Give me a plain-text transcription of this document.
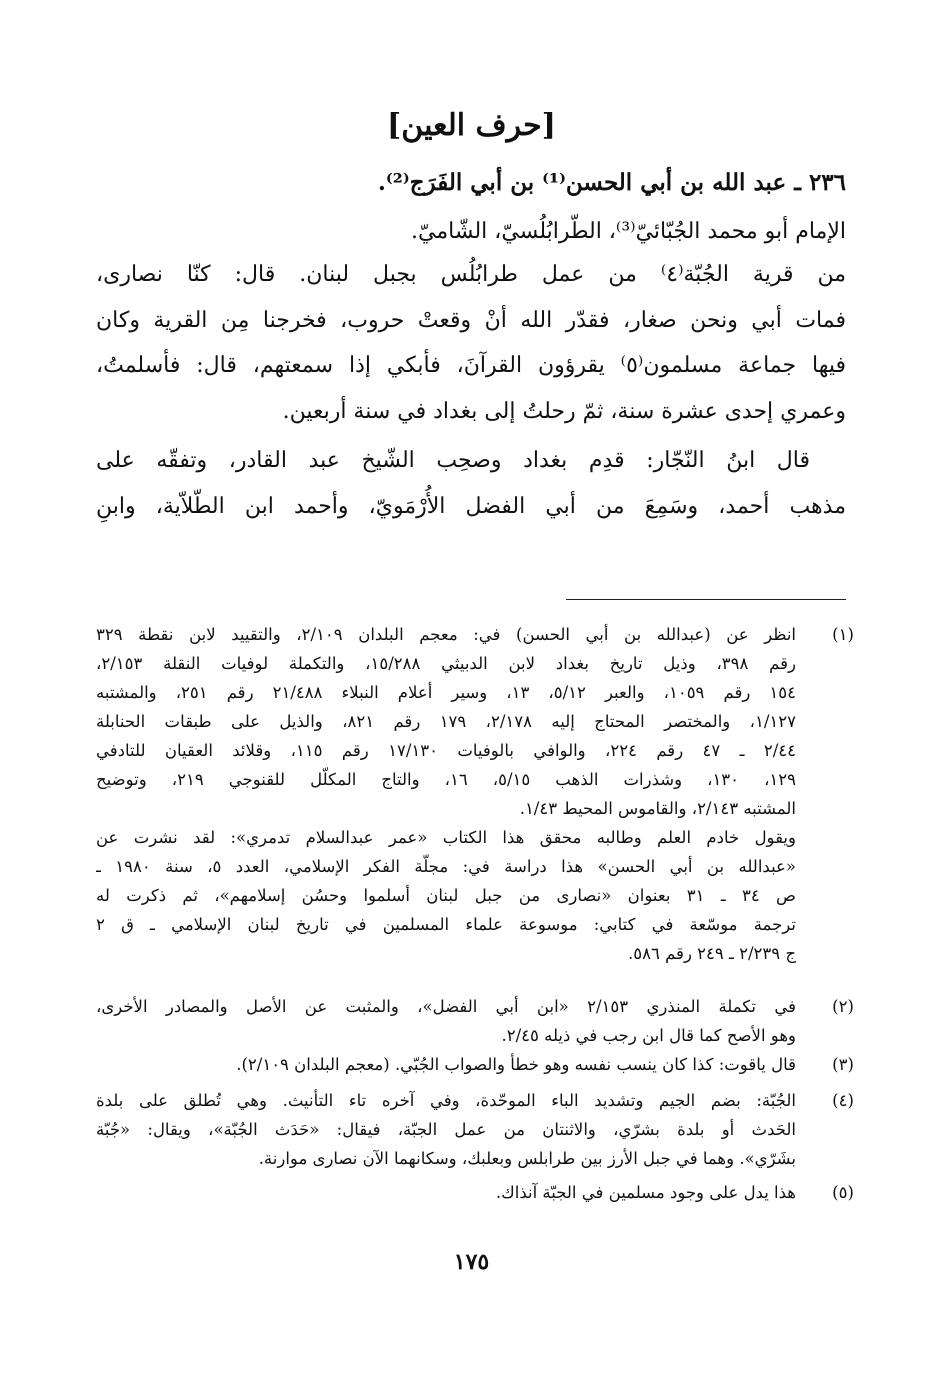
[حرف العين]
٢٣٦ ـ عبد الله بن أبي الحسن⁽¹⁾ بن أبي الفَرَج⁽²⁾.
الإمام أبو محمد الجُبّائيّ⁽³⁾، الطّرابُلُسيّ، الشّاميّ.
من قرية الجُبّة⁽٤⁾ من عمل طرابُلُس بجبل لبنان. قال: كنّا نصارى،
فمات أبي ونحن صغار، فقدّر الله أنْ وقعتْ حروب، فخرجنا مِن القرية وكان
فيها جماعة مسلمون⁽٥⁾ يقرؤون القرآنَ، فأبكي إذا سمعتهم، قال: فأسلمتُ،
وعمري إحدى عشرة سنة، ثمّ رحلتُ إلى بغداد في سنة أربعين.
قال ابنُ النّجّار: قدِم بغداد وصحِب الشّيخ عبد القادر، وتفقّه على
مذهب أحمد، وسَمِعَ من أبي الفضل الأُرْمَويّ، وأحمد ابن الطّلاّية، وابنِ
(١)
انظر عن (عبدالله بن أبي الحسن) في: معجم البلدان ٢/١٠٩، والتقييد لابن نقطة ٣٢٩
رقم ٣٩٨، وذيل تاريخ بغداد لابن الدبيثي ١٥/٢٨٨، والتكملة لوفيات النقلة ٢/١٥٣،
١٥٤ رقم ١٠٥٩، والعبر ٥/١٢، ١٣، وسير أعلام النبلاء ٢١/٤٨٨ رقم ٢٥١، والمشتبه
١/١٢٧، والمختصر المحتاج إليه ٢/١٧٨، ١٧٩ رقم ٨٢١، والذيل على طبقات الحنابلة
٢/٤٤ ـ ٤٧ رقم ٢٢٤، والوافي بالوفيات ١٧/١٣٠ رقم ١١٥، وقلائد العقيان للتادفي
١٢٩، ١٣٠، وشذرات الذهب ٥/١٥، ١٦، والتاج المكلّل للقنوجي ٢١٩، وتوضيح
المشتبه ٢/١٤٣، والقاموس المحيط ١/٤٣.
ويقول خادم العلم وطالبه محقق هذا الكتاب «عمر عبدالسلام تدمري»: لقد نشرت عن
«عبدالله بن أبي الحسن» هذا دراسة في: مجلّة الفكر الإسلامي، العدد ٥، سنة ١٩٨٠ ـ
ص ٣٤ ـ ٣١ بعنوان «نصارى من جبل لبنان أسلموا وحسُن إسلامهم»، ثم ذكرت له
ترجمة موسّعة في كتابي: موسوعة علماء المسلمين في تاريخ لبنان الإسلامي ـ ق ٢
ج ٢/٢٣٩ ـ ٢٤٩ رقم ٥٨٦.
(٢)
في تكملة المنذري ٢/١٥٣ «ابن أبي الفضل»، والمثبت عن الأصل والمصادر الأخرى،
وهو الأصح كما قال ابن رجب في ذيله ٢/٤٥.
(٣)
قال ياقوت: كذا كان ينسب نفسه وهو خطأ والصواب الجُبّي. (معجم البلدان ٢/١٠٩).
(٤)
الجُبّة: بضم الجيم وتشديد الباء الموحّدة، وفي آخره تاء التأنيث. وهي تُطلق على بلدة
الحَدث أو بلدة بشرّي، والاثنتان من عمل الجبّة، فيقال: «حَدَث الجُبّة»، ويقال: «جُبّة
بشَرّي». وهما في جبل الأرز بين طرابلس وبعلبك، وسكانهما الآن نصارى موارنة.
(٥)
هذا يدل على وجود مسلمين في الجبّة آنذاك.
١٧٥
